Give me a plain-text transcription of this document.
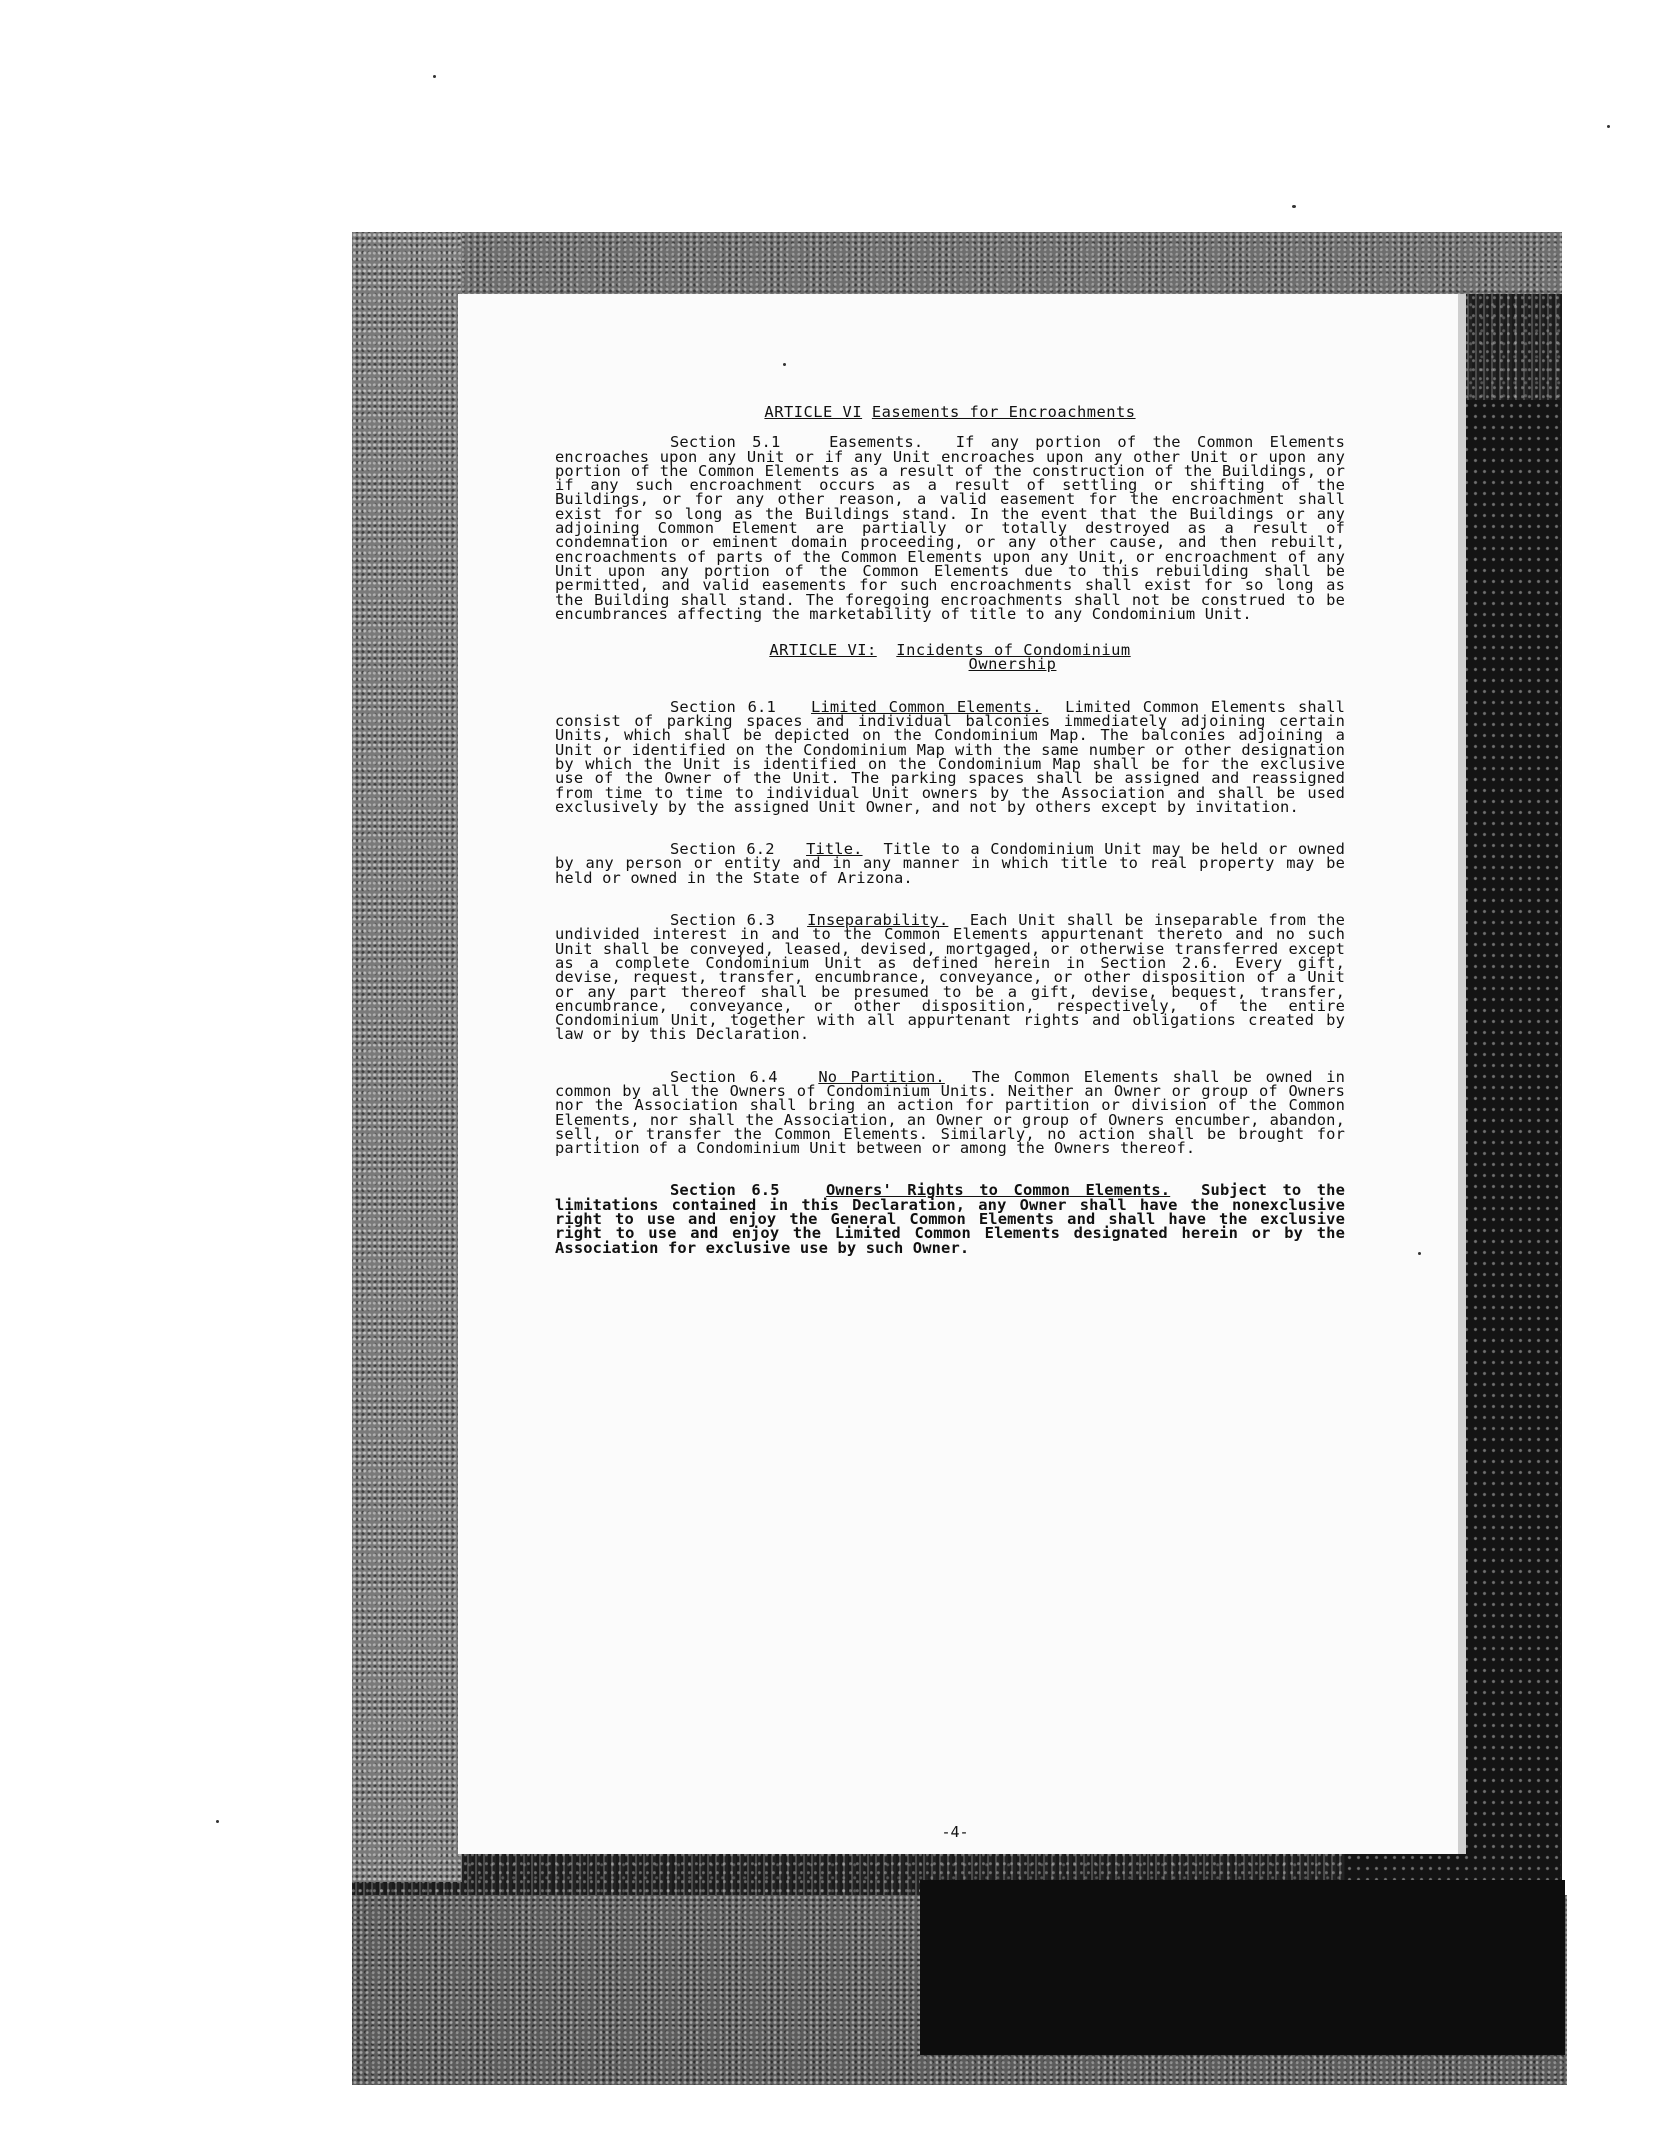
ARTICLE VI Easements for Encroachments

Section 5.1	Easements. If any portion of the Common Elements encroaches upon any Unit or if any Unit encroaches upon any other Unit or upon any portion of the Common Elements as a result of the construction of the Buildings, or if any such encroachment occurs as a result of settling or shifting of the Buildings, or for any other reason, a valid easement for the encroachment shall exist for so long as the Buildings stand. In the event that the Buildings or any adjoining Common Element are partially or totally destroyed as a result of condemnation or eminent domain proceeding, or any other cause, and then rebuilt, encroachments of parts of the Common Elements upon any Unit, or encroachment of any Unit upon any portion of the Common Elements due to this rebuilding shall be permitted, and valid easements for such encroachments shall exist for so long as the Building shall stand. The foregoing encroachments shall not be construed to be encumbrances affecting the marketability of title to any Condominium Unit.

ARTICLE VI: Incidents of Condominium
Ownership

Section 6.1 Limited Common Elements. Limited Common Elements shall consist of parking spaces and individual balconies immediately adjoining certain Units, which shall be depicted on the Condominium Map. The balconies adjoining a Unit or identified on the Condominium Map with the same number or other designation by which the Unit is identified on the Condominium Map shall be for the exclusive use of the Owner of the Unit. The parking spaces shall be assigned and reassigned from time to time to individual Unit owners by the Association and shall be used exclusively by the assigned Unit Owner, and not by others except by invitation.

Section 6.2 Title. Title to a Condominium Unit may be held or owned by any person or entity and in any manner in which title to real property may be held or owned in the State of Arizona.

Section 6.3 Inseparability. Each Unit shall be inseparable from the undivided interest in and to the Common Elements appurtenant thereto and no such Unit shall be conveyed, leased, devised, mortgaged, or otherwise transferred except as a complete Condominium Unit as defined herein in Section 2.6. Every gift, devise, request, transfer, encumbrance, conveyance, or other disposition of a Unit or any part thereof shall be presumed to be a gift, devise, bequest, transfer, encumbrance, conveyance, or other disposition, respectively, of the entire Condominium Unit, together with all appurtenant rights and obligations created by law or by this Declaration.

Section 6.4	No Partition. The Common Elements shall be owned in common by all the Owners of Condominium Units. Neither an Owner or group of Owners nor the Association shall bring an action for partition or division of the Common Elements, nor shall the Association, an Owner or group of Owners encumber, abandon, sell, or transfer the Common Elements. Similarly, no action shall be brought for partition of a Condominium Unit between or among the Owners thereof.

Section 6.5	Owners' Rights to Common Elements. Subject to the limitations contained in this Declaration, any Owner shall have the nonexclusive right to use and enjoy the General Common Elements and shall have the exclusive right to use and enjoy the Limited Common Elements designated herein or by the Association for exclusive use by such Owner.

-4-
